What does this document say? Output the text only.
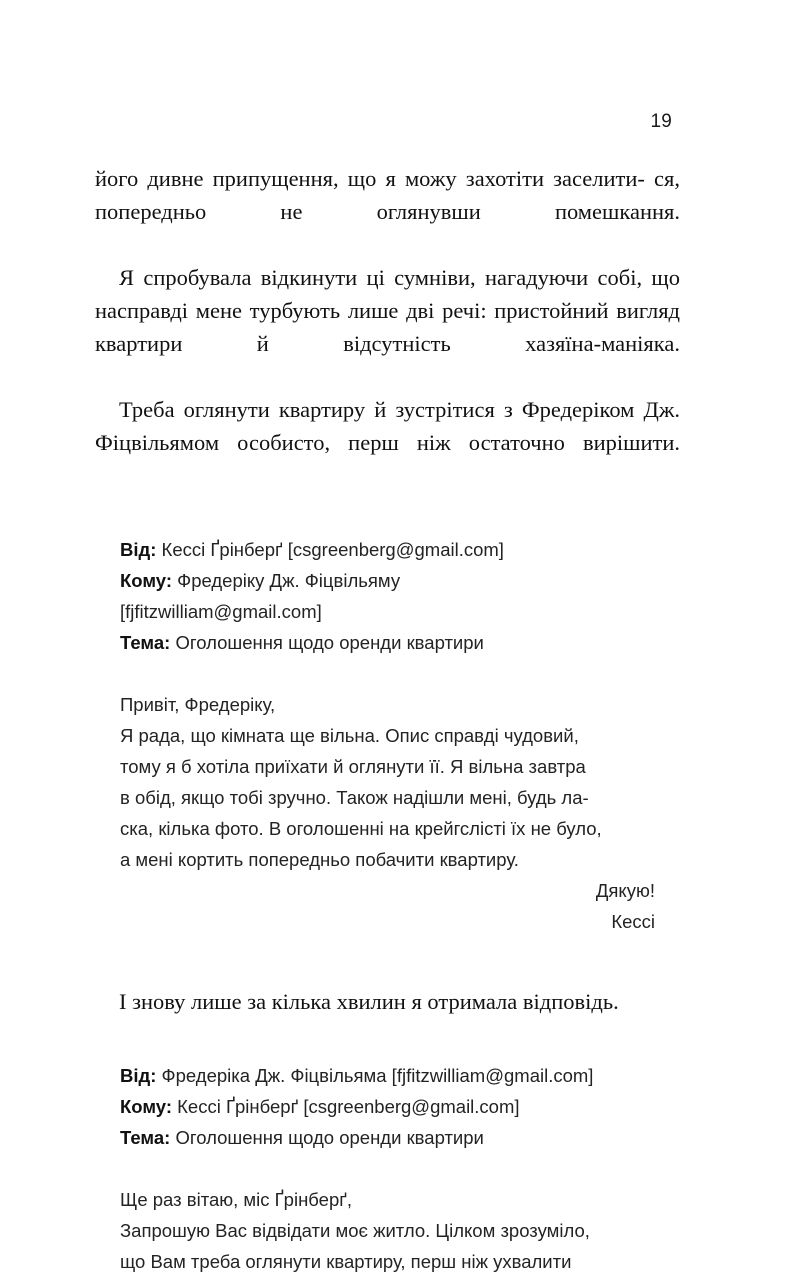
19

його дивне припущення, що я можу захотіти заселити- ся, попередньо не оглянувши помешкання.

Я спробувала відкинути ці сумніви, нагадуючи собі, що насправді мене турбують лише дві речі: пристойний вигляд квартири й відсутність хазяїна-маніяка.

Треба оглянути квартиру й зустрітися з Фредеріком Дж. Фіцвільямом особисто, перш ніж остаточно вирішити.

Від: Кессі Ґрінберґ [csgreenberg@gmail.com]
Кому: Фредеріку Дж. Фіцвільяму
[fjfitzwilliam@gmail.com]
Тема: Оголошення щодо оренди квартири
Привіт, Фредеріку,
Я рада, що кімната ще вільна. Опис справді чудовий,
тому я б хотіла приїхати й оглянути її. Я вільна завтра
в обід, якщо тобі зручно. Також надішли мені, будь ла-
ска, кілька фото. В оголошенні на крейгслісті їх не було,
а мені кортить попередньо побачити квартиру.
Дякую!
Кессі

І знову лише за кілька хвилин я отримала відповідь.

Від: Фредеріка Дж. Фіцвільяма [fjfitzwilliam@gmail.com]
Кому: Кессі Ґрінберґ [csgreenberg@gmail.com]
Тема: Оголошення щодо оренди квартири
Ще раз вітаю, міс Ґрінберґ,
Запрошую Вас відвідати моє житло. Цілком зрозуміло,
що Вам треба оглянути квартиру, перш ніж ухвалити
